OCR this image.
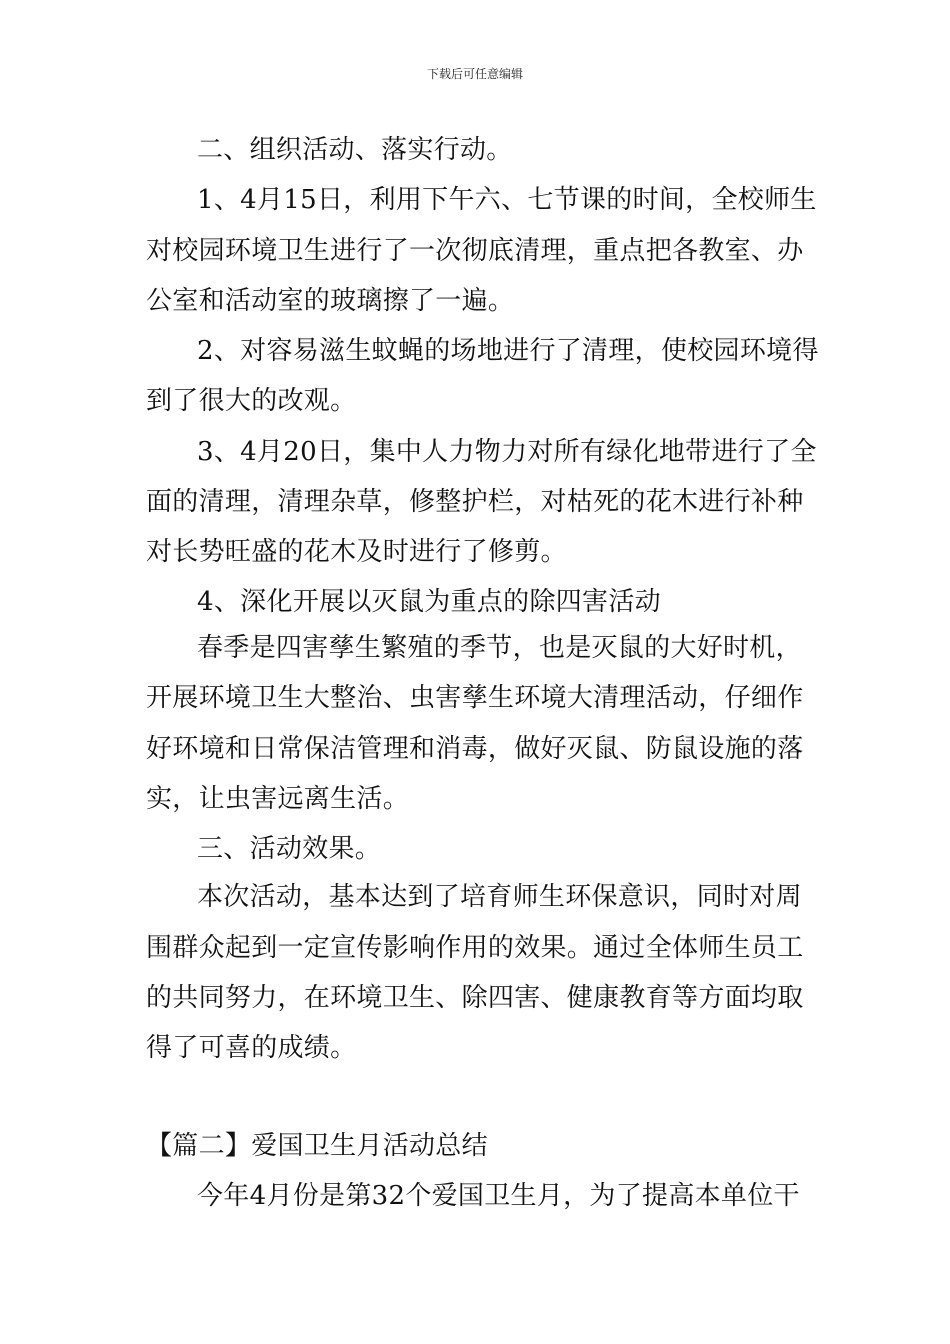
下载后可任意编辑
二、组织活动、落实行动。
1、4月15日，利用下午六、七节课的时间，全校师生
对校园环境卫生进行了一次彻底清理，重点把各教室、办
公室和活动室的玻璃擦了一遍。
2、对容易滋生蚊蝇的场地进行了清理，使校园环境得
到了很大的改观。
3、4月20日，集中人力物力对所有绿化地带进行了全
面的清理，清理杂草，修整护栏，对枯死的花木进行补种
对长势旺盛的花木及时进行了修剪。
4、深化开展以灭鼠为重点的除四害活动
春季是四害孳生繁殖的季节，也是灭鼠的大好时机，
开展环境卫生大整治、虫害孳生环境大清理活动，仔细作
好环境和日常保洁管理和消毒，做好灭鼠、防鼠设施的落
实，让虫害远离生活。
三、活动效果。
本次活动，基本达到了培育师生环保意识，同时对周
围群众起到一定宣传影响作用的效果。通过全体师生员工
的共同努力，在环境卫生、除四害、健康教育等方面均取
得了可喜的成绩。
【篇二】爱国卫生月活动总结
今年4月份是第32个爱国卫生月，为了提高本单位干
